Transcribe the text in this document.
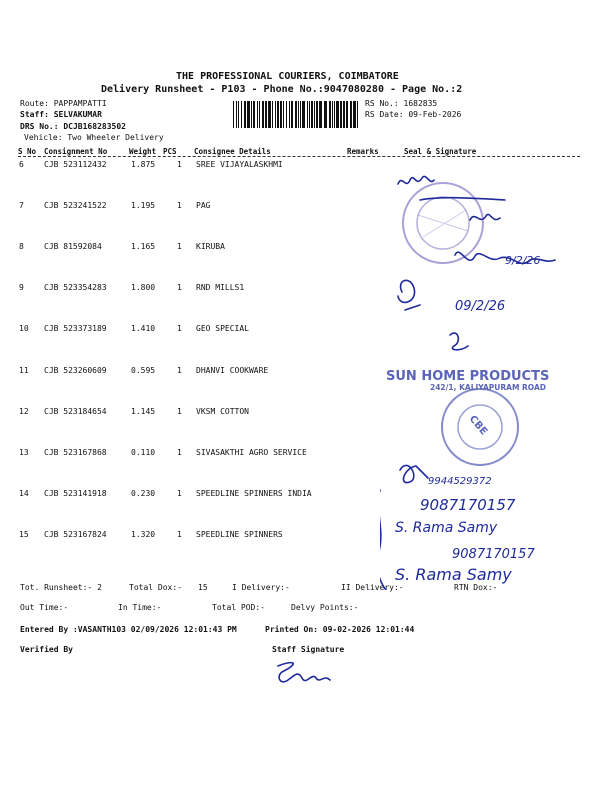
THE PROFESSIONAL COURIERS, COIMBATORE
Delivery Runsheet - P103 - Phone No.:9047080280 - Page No.:2
Route: PAPPAMPATTI
Staff: SELVAKUMAR
DRS No.: DCJB168283502
Vehicle: Two Wheeler Delivery
RS No.: 1682835
RS Date: 09-Feb-2026
S No Consignment No	Weight PCS Consignee Details	Remarks	Seal & Signature
6	CJB 523112432	1.875	1 SREE VIJAYALASKHMI
7	CJB 523241522	1.195	1 PAG
8	CJB 81592084	1.165	1 KIRUBA
9	CJB 523354283	1.800	1 RND MILLS1
10 CJB 523373189	1.410	1 GEO SPECIAL
11 CJB 523260609	0.595	1 DHANVI COOKWARE
12 CJB 523184654	1.145	1 VKSM COTTON
13 CJB 523167868	0.110	1 SIVASAKTHI AGRO SERVICE
14 CJB 523141918	0.230	1 SPEEDLINE SPINNERS INDIA
15 CJB 523167824	1.320	1 SPEEDLINE SPINNERS
Tot. Runsheet:- 2	Total Dox:- 15	I Delivery:-	II Delivery:-	RTN Dox:-
Out Time:-	In Time:-	Total POD:-	Delvy Points:-
Entered By :VASANTH103 02/09/2026 12:01:43 PM	Printed On: 09-02-2026 12:01:44
Verified By	Staff Signature
SUN HOME PRODUCTS
242/1, KALIYAPURAM ROAD
CBE
9/2/26
09/2/26
9944529372
9087170157
S. Rama Samy
9087170157
S. Rama Samy
